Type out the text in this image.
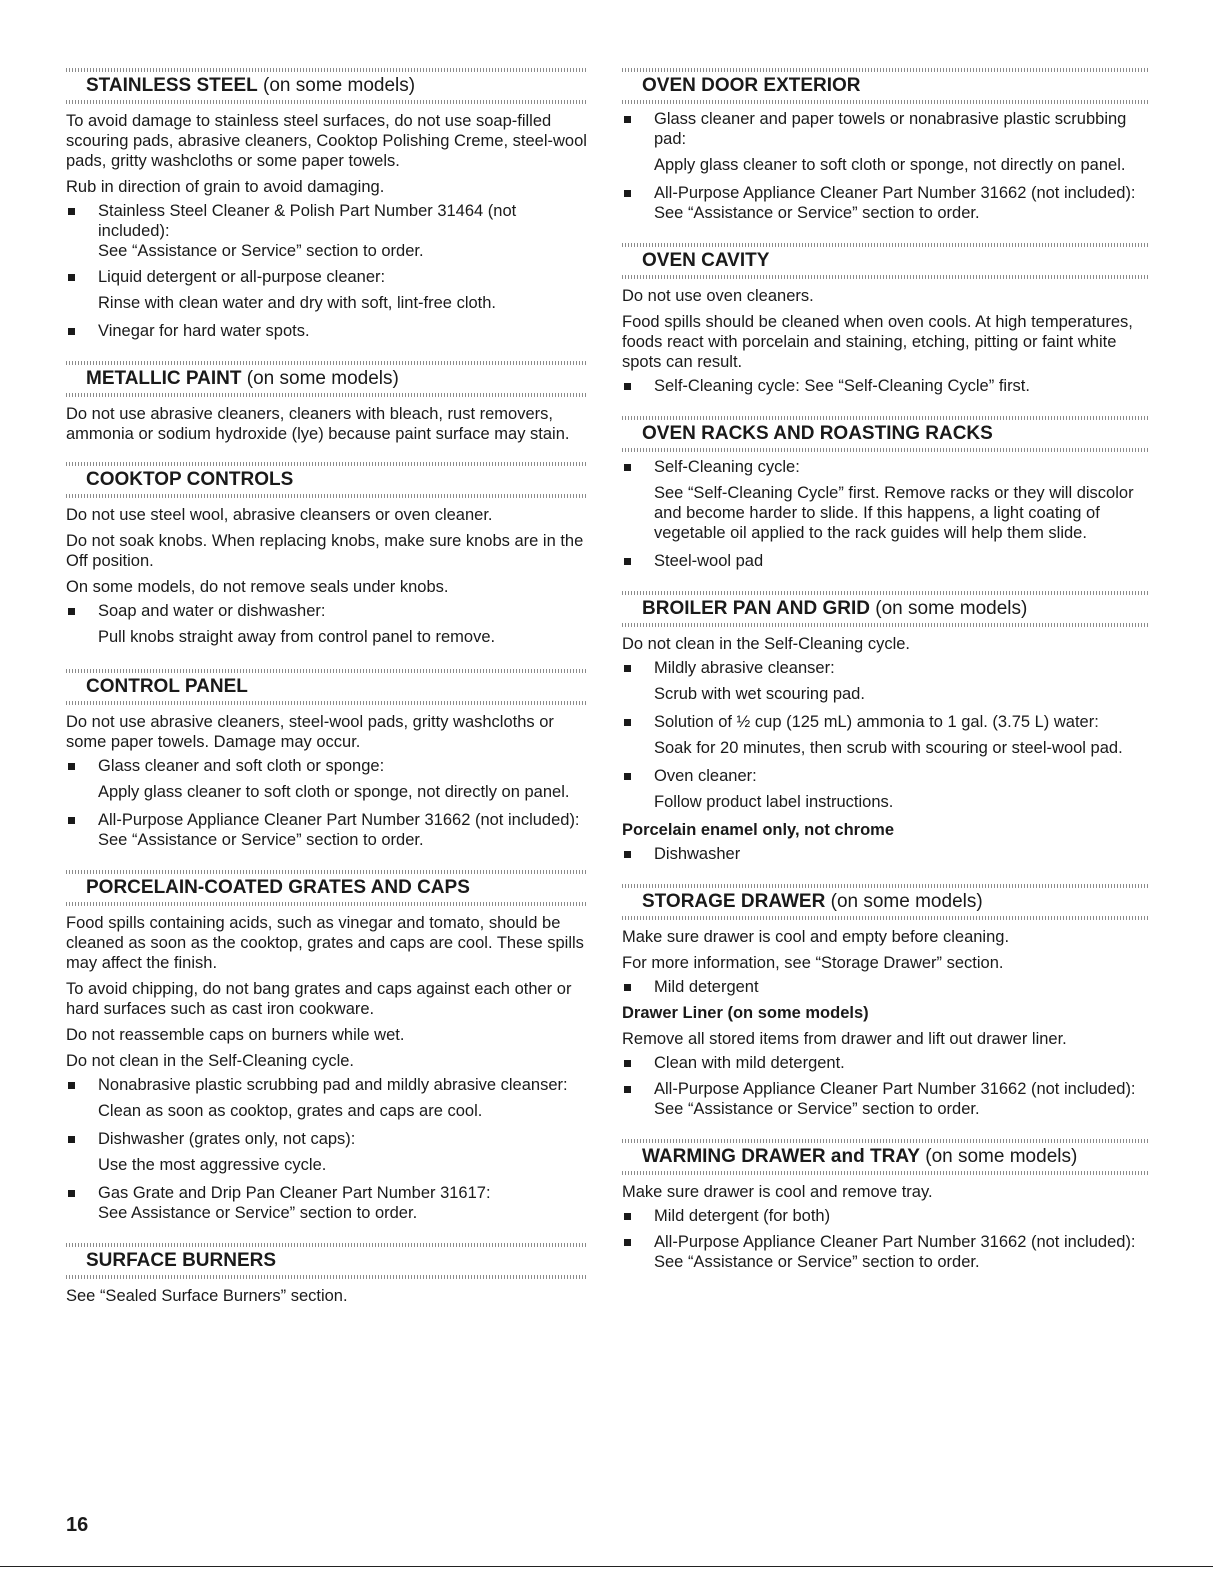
STAINLESS STEEL (on some models)

To avoid damage to stainless steel surfaces, do not use soap-filled scouring pads, abrasive cleaners, Cooktop Polishing Creme, steel-wool pads, gritty washcloths or some paper towels.

Rub in direction of grain to avoid damaging.

Stainless Steel Cleaner & Polish Part Number 31464 (not included):
See “Assistance or Service” section to order.
Liquid detergent or all-purpose cleaner:
Rinse with clean water and dry with soft, lint-free cloth.
Vinegar for hard water spots.
METALLIC PAINT (on some models)

Do not use abrasive cleaners, cleaners with bleach, rust removers, ammonia or sodium hydroxide (lye) because paint surface may stain.

COOKTOP CONTROLS

Do not use steel wool, abrasive cleansers or oven cleaner.

Do not soak knobs. When replacing knobs, make sure knobs are in the Off position.

On some models, do not remove seals under knobs.

Soap and water or dishwasher:
Pull knobs straight away from control panel to remove.
CONTROL PANEL

Do not use abrasive cleaners, steel-wool pads, gritty washcloths or some paper towels. Damage may occur.

Glass cleaner and soft cloth or sponge:
Apply glass cleaner to soft cloth or sponge, not directly on panel.
All-Purpose Appliance Cleaner Part Number 31662 (not included):
See “Assistance or Service” section to order.
PORCELAIN-COATED GRATES AND CAPS

Food spills containing acids, such as vinegar and tomato, should be cleaned as soon as the cooktop, grates and caps are cool. These spills may affect the finish.

To avoid chipping, do not bang grates and caps against each other or hard surfaces such as cast iron cookware.

Do not reassemble caps on burners while wet.

Do not clean in the Self-Cleaning cycle.

Nonabrasive plastic scrubbing pad and mildly abrasive cleanser:
Clean as soon as cooktop, grates and caps are cool.
Dishwasher (grates only, not caps):
Use the most aggressive cycle.
Gas Grate and Drip Pan Cleaner Part Number 31617:
See Assistance or Service” section to order.
SURFACE BURNERS

See “Sealed Surface Burners” section.

OVEN DOOR EXTERIOR
Glass cleaner and paper towels or nonabrasive plastic scrubbing pad:
Apply glass cleaner to soft cloth or sponge, not directly on panel.
All-Purpose Appliance Cleaner Part Number 31662 (not included):
See “Assistance or Service” section to order.
OVEN CAVITY

Do not use oven cleaners.

Food spills should be cleaned when oven cools. At high temperatures, foods react with porcelain and staining, etching, pitting or faint white spots can result.

Self-Cleaning cycle: See “Self-Cleaning Cycle” first.
OVEN RACKS AND ROASTING RACKS
Self-Cleaning cycle:
See “Self-Cleaning Cycle” first. Remove racks or they will discolor and become harder to slide. If this happens, a light coating of vegetable oil applied to the rack guides will help them slide.
Steel-wool pad
BROILER PAN AND GRID (on some models)

Do not clean in the Self-Cleaning cycle.

Mildly abrasive cleanser:
Scrub with wet scouring pad.
Solution of ½ cup (125 mL) ammonia to 1 gal. (3.75 L) water:
Soak for 20 minutes, then scrub with scouring or steel-wool pad.
Oven cleaner:
Follow product label instructions.
Porcelain enamel only, not chrome
Dishwasher
STORAGE DRAWER (on some models)

Make sure drawer is cool and empty before cleaning.

For more information, see “Storage Drawer” section.

Mild detergent
Drawer Liner (on some models)

Remove all stored items from drawer and lift out drawer liner.

Clean with mild detergent.
All-Purpose Appliance Cleaner Part Number 31662 (not included):
See “Assistance or Service” section to order.
WARMING DRAWER and TRAY (on some models)

Make sure drawer is cool and remove tray.

Mild detergent (for both)
All-Purpose Appliance Cleaner Part Number 31662 (not included):
See “Assistance or Service” section to order.
16
